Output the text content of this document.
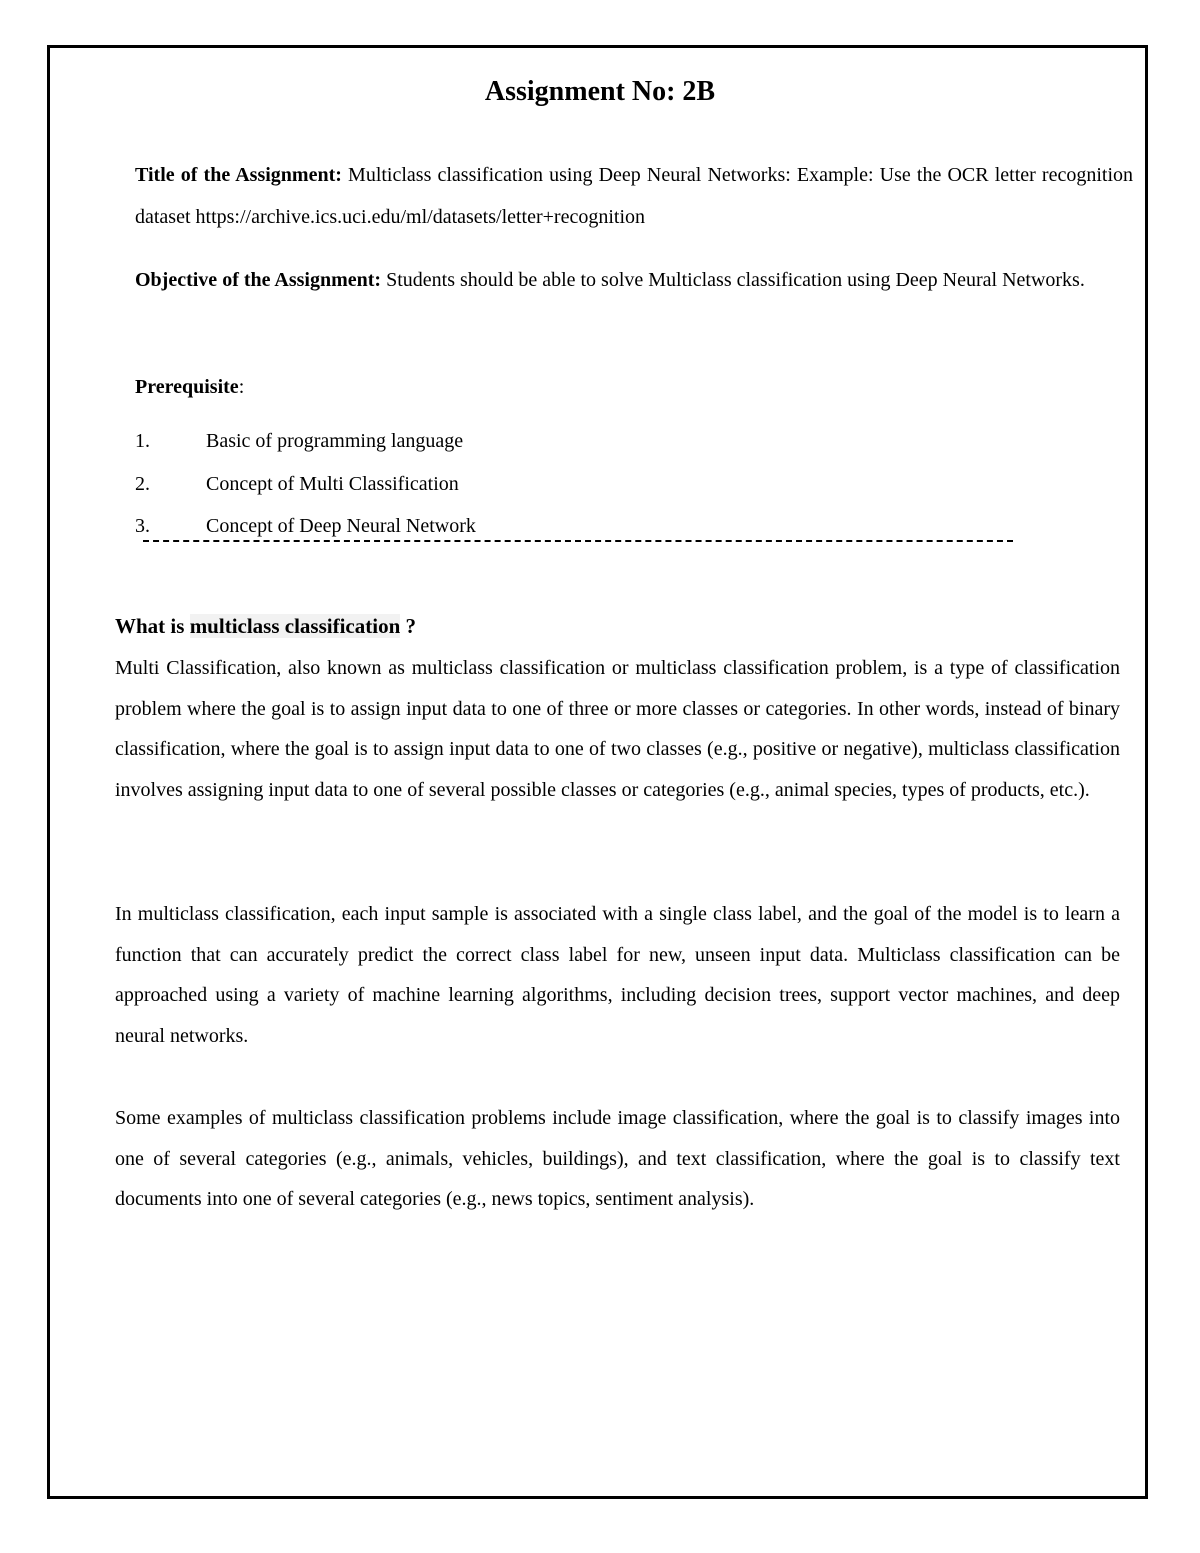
Assignment No: 2B

Title of the Assignment: Multiclass classification using Deep Neural Networks: Example: Use the OCR letter recognition dataset https://archive.ics.uci.edu/ml/datasets/letter+recognition

Objective of the Assignment: Students should be able to solve Multiclass classification using Deep Neural Networks.

Prerequisite:

1.	Basic of programming language
2.	Concept of Multi Classification
3.	Concept of Deep Neural Network
What is multiclass classification ?

Multi Classification, also known as multiclass classification or multiclass classification problem, is a type of classification problem where the goal is to assign input data to one of three or more classes or categories. In other words, instead of binary classification, where the goal is to assign input data to one of two classes (e.g., positive or negative), multiclass classification involves assigning input data to one of several possible classes or categories (e.g., animal species, types of products, etc.).

In multiclass classification, each input sample is associated with a single class label, and the goal of the model is to learn a function that can accurately predict the correct class label for new, unseen input data. Multiclass classification can be approached using a variety of machine learning algorithms, including decision trees, support vector machines, and deep neural networks.

Some examples of multiclass classification problems include image classification, where the goal is to classify images into one of several categories (e.g., animals, vehicles, buildings), and text classification, where the goal is to classify text documents into one of several categories (e.g., news topics, sentiment analysis).
